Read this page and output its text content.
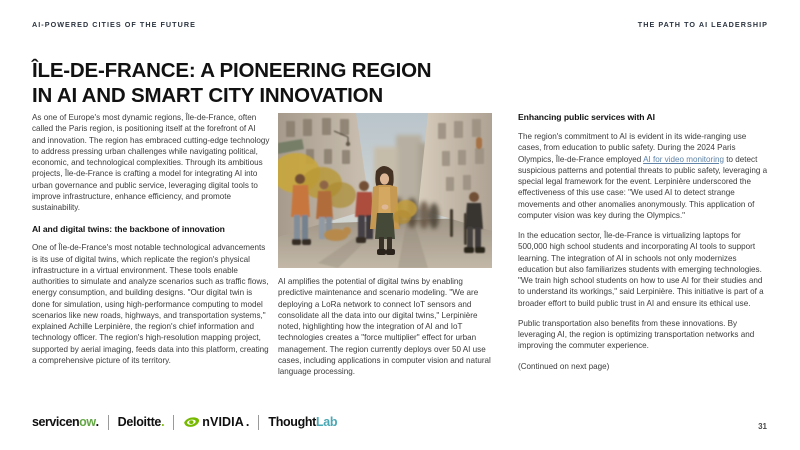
AI-POWERED CITIES OF THE FUTURE	THE PATH TO AI LEADERSHIP
ÎLE-DE-FRANCE: A PIONEERING REGION
IN AI AND SMART CITY INNOVATION

As one of Europe's most dynamic regions, Île-de-France, often called the Paris region, is positioning itself at the forefront of AI and innovation. The region has embraced cutting-edge technology to address pressing urban challenges while navigating political, economic, and technological complexities. Through its ambitious projects, Île-de-France is crafting a model for integrating AI into urban governance and public service, leveraging digital tools to improve infrastructure, enhance efficiency, and promote sustainability.

AI and digital twins: the backbone of innovation

One of Île-de-France's most notable technological advancements is its use of digital twins, which replicate the region's physical infrastructure in a virtual environment. These tools enable authorities to simulate and analyze scenarios such as traffic flows, energy consumption, and building designs. "Our digital twin is done for simulation, using high-performance computing to model scenarios like new roads, highways, and transportation systems," explained Achille Lerpinière, the region's chief information and technology officer. The region's high-resolution mapping project, supported by aerial imaging, feeds data into this platform, creating a comprehensive picture of its territory.

AI amplifies the potential of digital twins by enabling predictive maintenance and scenario modeling. "We are deploying a LoRa network to connect IoT sensors and consolidate all the data into our digital twins," Lerpinière noted, highlighting how the integration of AI and IoT technologies creates a "force multiplier" effect for urban management. The region currently deploys over 50 AI use cases, including applications in computer vision and natural language processing.

Enhancing public services with AI

The region's commitment to AI is evident in its wide-ranging use cases, from education to public safety. During the 2024 Paris Olympics, Île-de-France employed AI for video monitoring to detect suspicious patterns and potential threats to public safety, leveraging a special legal framework for the event. Lerpinière underscored the effectiveness of this use case: "We used AI to detect strange movements and other anomalies anonymously. This application of computer vision was key during the Olympics."

In the education sector, Île-de-France is virtualizing laptops for 500,000 high school students and incorporating AI tools to support learning. The integration of AI in schools not only modernizes education but also familiarizes students with emerging technologies. "We train high school students on how to use AI for their studies and to understand its workings," said Lerpinière. This initiative is part of a broader effort to build public trust in AI and ensure its ethical use.

Public transportation also benefits from these innovations. By leveraging AI, the region is optimizing transportation networks and improving the commuter experience.

(Continued on next page)

servicen ow . Deloitte .	nVIDIA . Thought Lab	31
